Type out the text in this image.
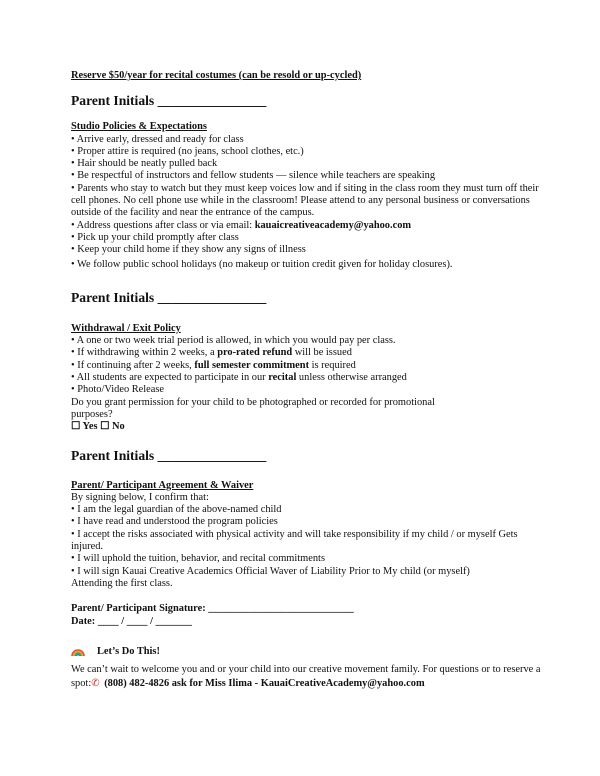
Reserve $50/year for recital costumes (can be resold or up-cycled)
Parent Initials ________________
Studio Policies & Expectations
• Arrive early, dressed and ready for class
• Proper attire is required (no jeans, school clothes, etc.)
• Hair should be neatly pulled back
• Be respectful of instructors and fellow students — silence while teachers are speaking
• Parents who stay to watch but they must keep voices low and if siting in the class room they must turn off their cell phones. No cell phone use while in the classroom! Please attend to any personal business or conversations outside of the facility and near the entrance of the campus.
• Address questions after class or via email: kauaicreativeacademy@yahoo.com
• Pick up your child promptly after class
• Keep your child home if they show any signs of illness
• We follow public school holidays (no makeup or tuition credit given for holiday closures).
Parent Initials ________________
Withdrawal / Exit Policy
• A one or two week trial period is allowed, in which you would pay per class.
• If withdrawing within 2 weeks, a pro-rated refund will be issued
• If continuing after 2 weeks, full semester commitment is required
• All students are expected to participate in our recital unless otherwise arranged
• Photo/Video Release
Do you grant permission for your child to be photographed or recorded for promotional purposes?
☐ Yes ☐ No
Parent Initials ________________
Parent/ Participant Agreement & Waiver
By signing below, I confirm that:
• I am the legal guardian of the above-named child
• I have read and understood the program policies
• I accept the risks associated with physical activity and will take responsibility if my child / or myself Gets injured.
• I will uphold the tuition, behavior, and recital commitments
• I will sign Kauai Creative Academics Official Waver of Liability Prior to My child (or myself) Attending the first class.
Parent/ Participant Signature: ____________________________
Date: ____ / ____ / _______
Let’s Do This!
We can’t wait to welcome you and or your child into our creative movement family. For questions or to reserve a spot:✆ (808) 482-4826 ask for Miss Ilima - KauaiCreativeAcademy@yahoo.com
